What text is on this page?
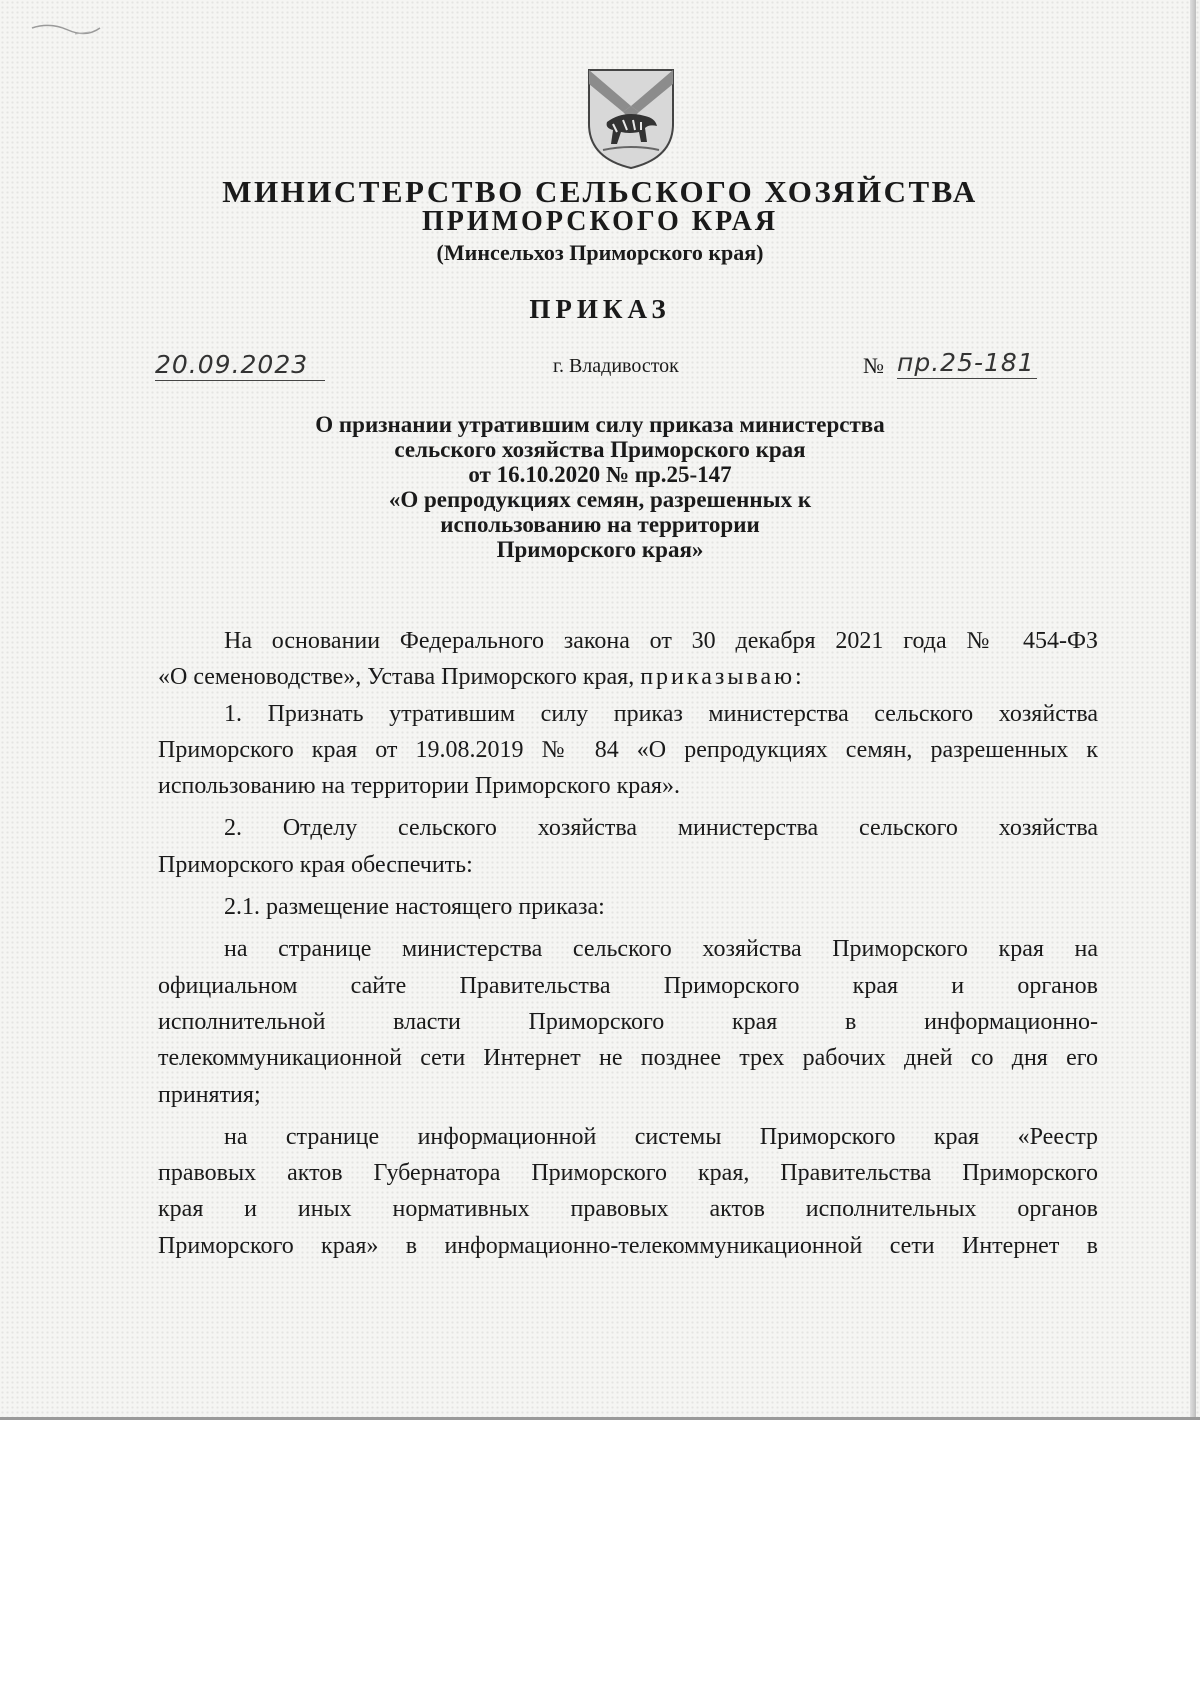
МИНИСТЕРСТВО СЕЛЬСКОГО ХОЗЯЙСТВА
ПРИМОРСКОГО КРАЯ
(Минсельхоз Приморского края)
ПРИКАЗ
20.09.2023	г. Владивосток	№ пр.25-181
О признании утратившим силу приказа министерства
сельского хозяйства Приморского края
от 16.10.2020 № пр.25-147
«О репродукциях семян, разрешенных к
использованию на территории
Приморского края»
На основании Федерального закона от 30 декабря 2021 года № 454-ФЗ
«О семеноводстве», Устава Приморского края, приказываю:
1. Признать утратившим силу приказ министерства сельского хозяйства
Приморского края от 19.08.2019 № 84 «О репродукциях семян, разрешенных к
использованию на территории Приморского края».
2. Отделу сельского хозяйства министерства сельского хозяйства
Приморского края обеспечить:
2.1. размещение настоящего приказа:
на странице министерства сельского хозяйства Приморского края на
официальном сайте Правительства Приморского края и органов
исполнительной власти Приморского края в информационно-
телекоммуникационной сети Интернет не позднее трех рабочих дней со дня его
принятия;
на странице информационной системы Приморского края «Реестр
правовых актов Губернатора Приморского края, Правительства Приморского
края и иных нормативных правовых актов исполнительных органов
Приморского края» в информационно-телекоммуникационной сети Интернет в
